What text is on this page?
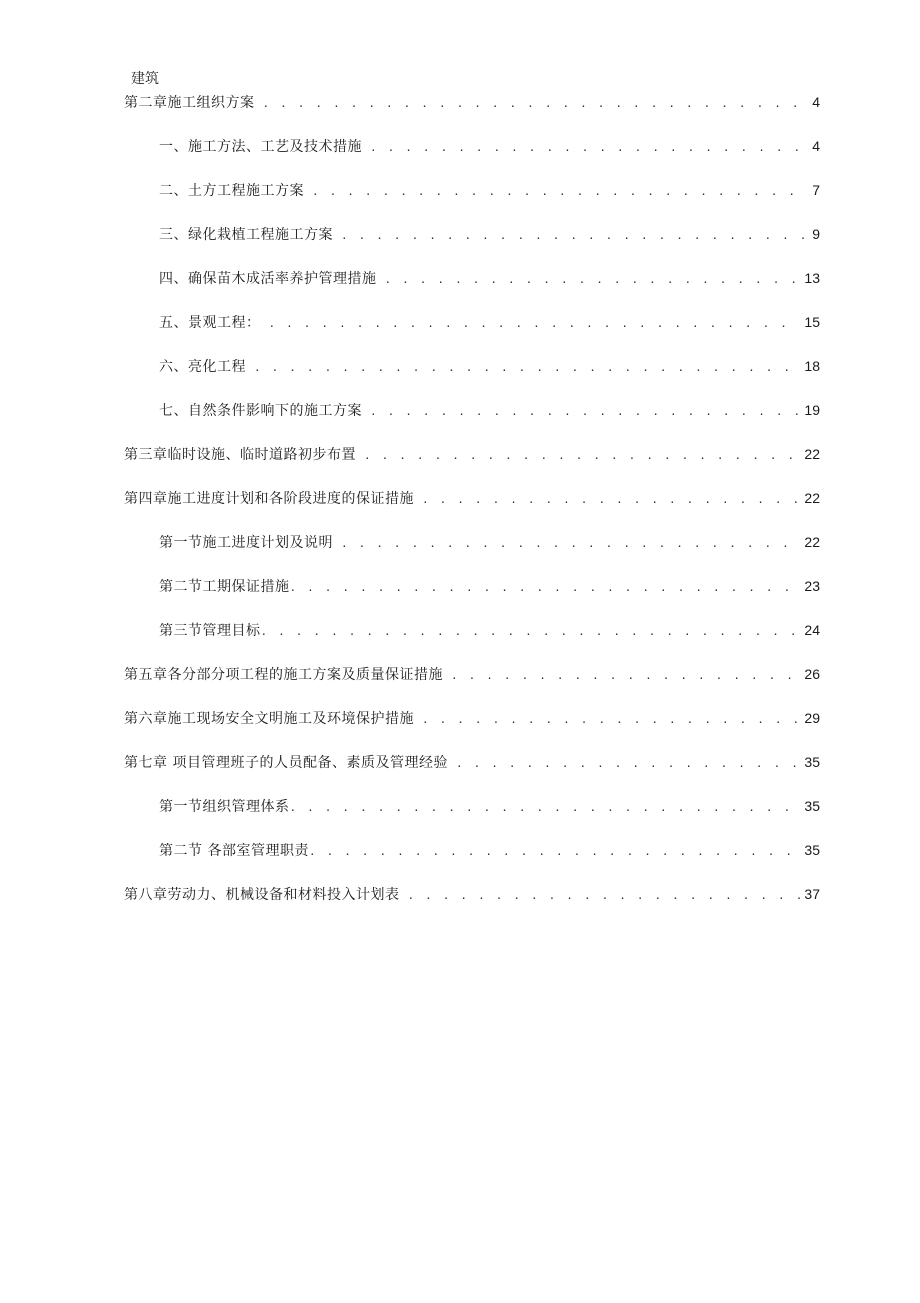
建筑
第二章施工组织方案 . . .	4
一、施工方法、工艺及技术措施 . . .	4
二、土方工程施工方案 . . .	7
三、绿化栽植工程施工方案 . . .	9
四、确保苗木成活率养护管理措施 . . .	13
五、景观工程： . . .	15
六、亮化工程 . . .	18
七、自然条件影响下的施工方案 . . .	19
第三章临时设施、临时道路初步布置 . . .	22
第四章施工进度计划和各阶段进度的保证措施 . . .	22
第一节施工进度计划及说明 . . .	22
第二节工期保证措施 . . .	23
第三节管理目标 . . .	24
第五章各分部分项工程的施工方案及质量保证措施 . . .	26
第六章施工现场安全文明施工及环境保护措施 . . .	29
第七章 项目管理班子的人员配备、素质及管理经验 . . .	35
第一节组织管理体系 . . .	35
第二节 各部室管理职责 . . .	35
第八章劳动力、机械设备和材料投入计划表 . . .	37
